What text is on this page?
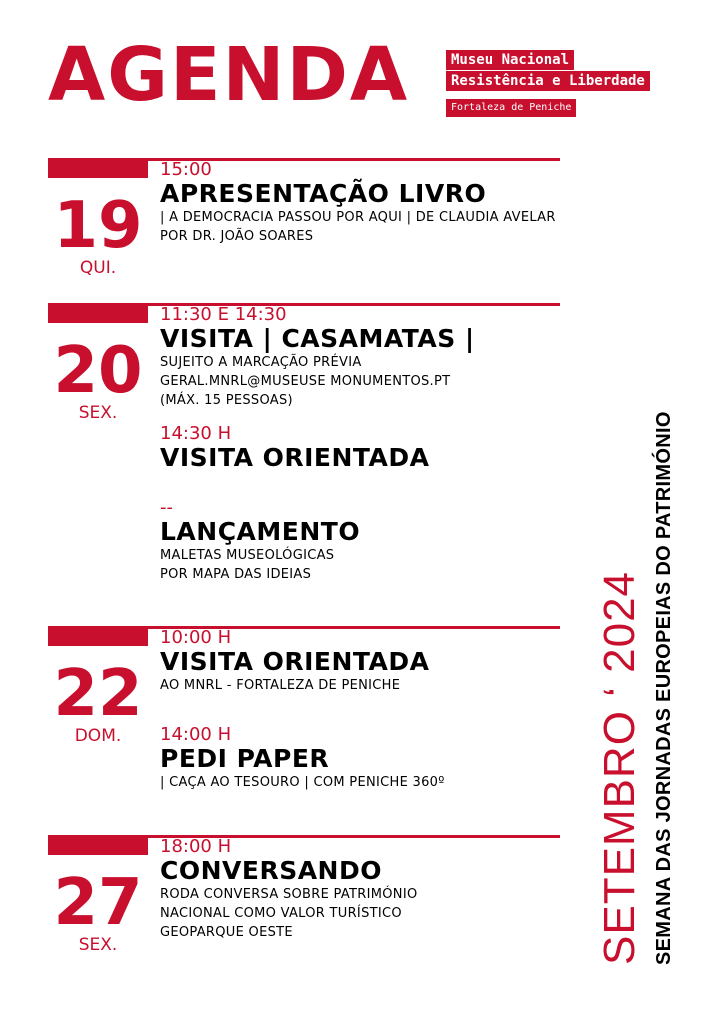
AGENDA	Museu Nacional
Resistência e Liberdade
Fortaleza de Peniche
19
QUI.
15:00
APRESENTAÇÃO LIVRO
| A DEMOCRACIA PASSOU POR AQUI | DE CLAUDIA AVELAR
POR DR. JOÃO SOARES
20
SEX.
11:30 E 14:30
VISITA | CASAMATAS |
SUJEITO A MARCAÇÃO PRÉVIA
GERAL.MNRL@MUSEUSE MONUMENTOS.PT
(MÁX. 15 PESSOAS)
14:30 H
VISITA ORIENTADA
--
LANÇAMENTO
MALETAS MUSEOLÓGICAS
POR MAPA DAS IDEIAS
22
DOM.
10:00 H
VISITA ORIENTADA
AO MNRL - FORTALEZA DE PENICHE
14:00 H
PEDI PAPER
| CAÇA AO TESOURO | COM PENICHE 360º
27
SEX.
18:00 H
CONVERSANDO
RODA CONVERSA SOBRE PATRIMÓNIO
NACIONAL COMO VALOR TURÍSTICO
GEOPARQUE OESTE	SETEMBRO ‘ 2024 SEMANA DAS JORNADAS EUROPEIAS DO PATRIMÓNIO
